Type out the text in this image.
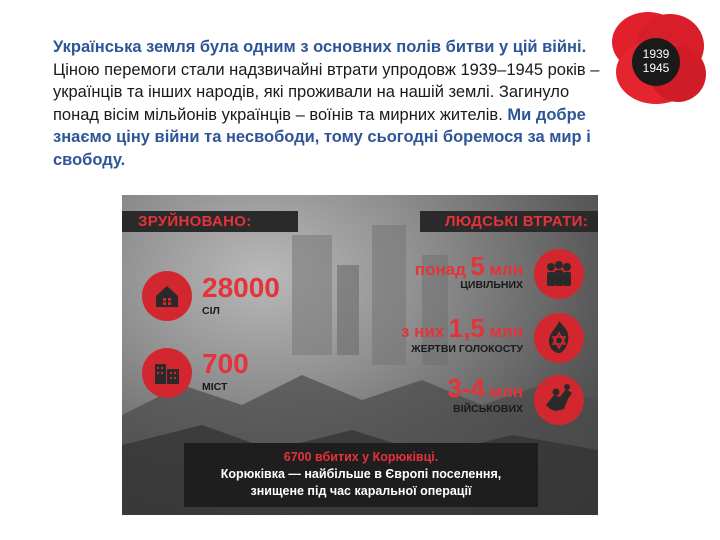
Українська земля була одним з основних полів битви у цій війні. Ціною перемоги стали надзвичайні втрати упродовж 1939–1945 років – українців та інших народів, які проживали на нашій землі. Загинуло понад вісім мільйонів українців – воїнів та мирних жителів. Ми добре знаємо ціну війни та несвободи, тому сьогодні боремося за мир і свободу.
1939
1945
ЗРУЙНОВАНО:	ЛЮДСЬКІ ВТРАТИ:
28000
СІЛ
700
МІСТ
понад 5 млн
ЦИВІЛЬНИХ
з них 1,5 млн
ЖЕРТВИ ГОЛОКОСТУ
3-4 млн
ВІЙСЬКОВИХ
6700 вбитих у Корюківці.
Корюківка — найбільше в Європі поселення,
знищене під час каральної операції
